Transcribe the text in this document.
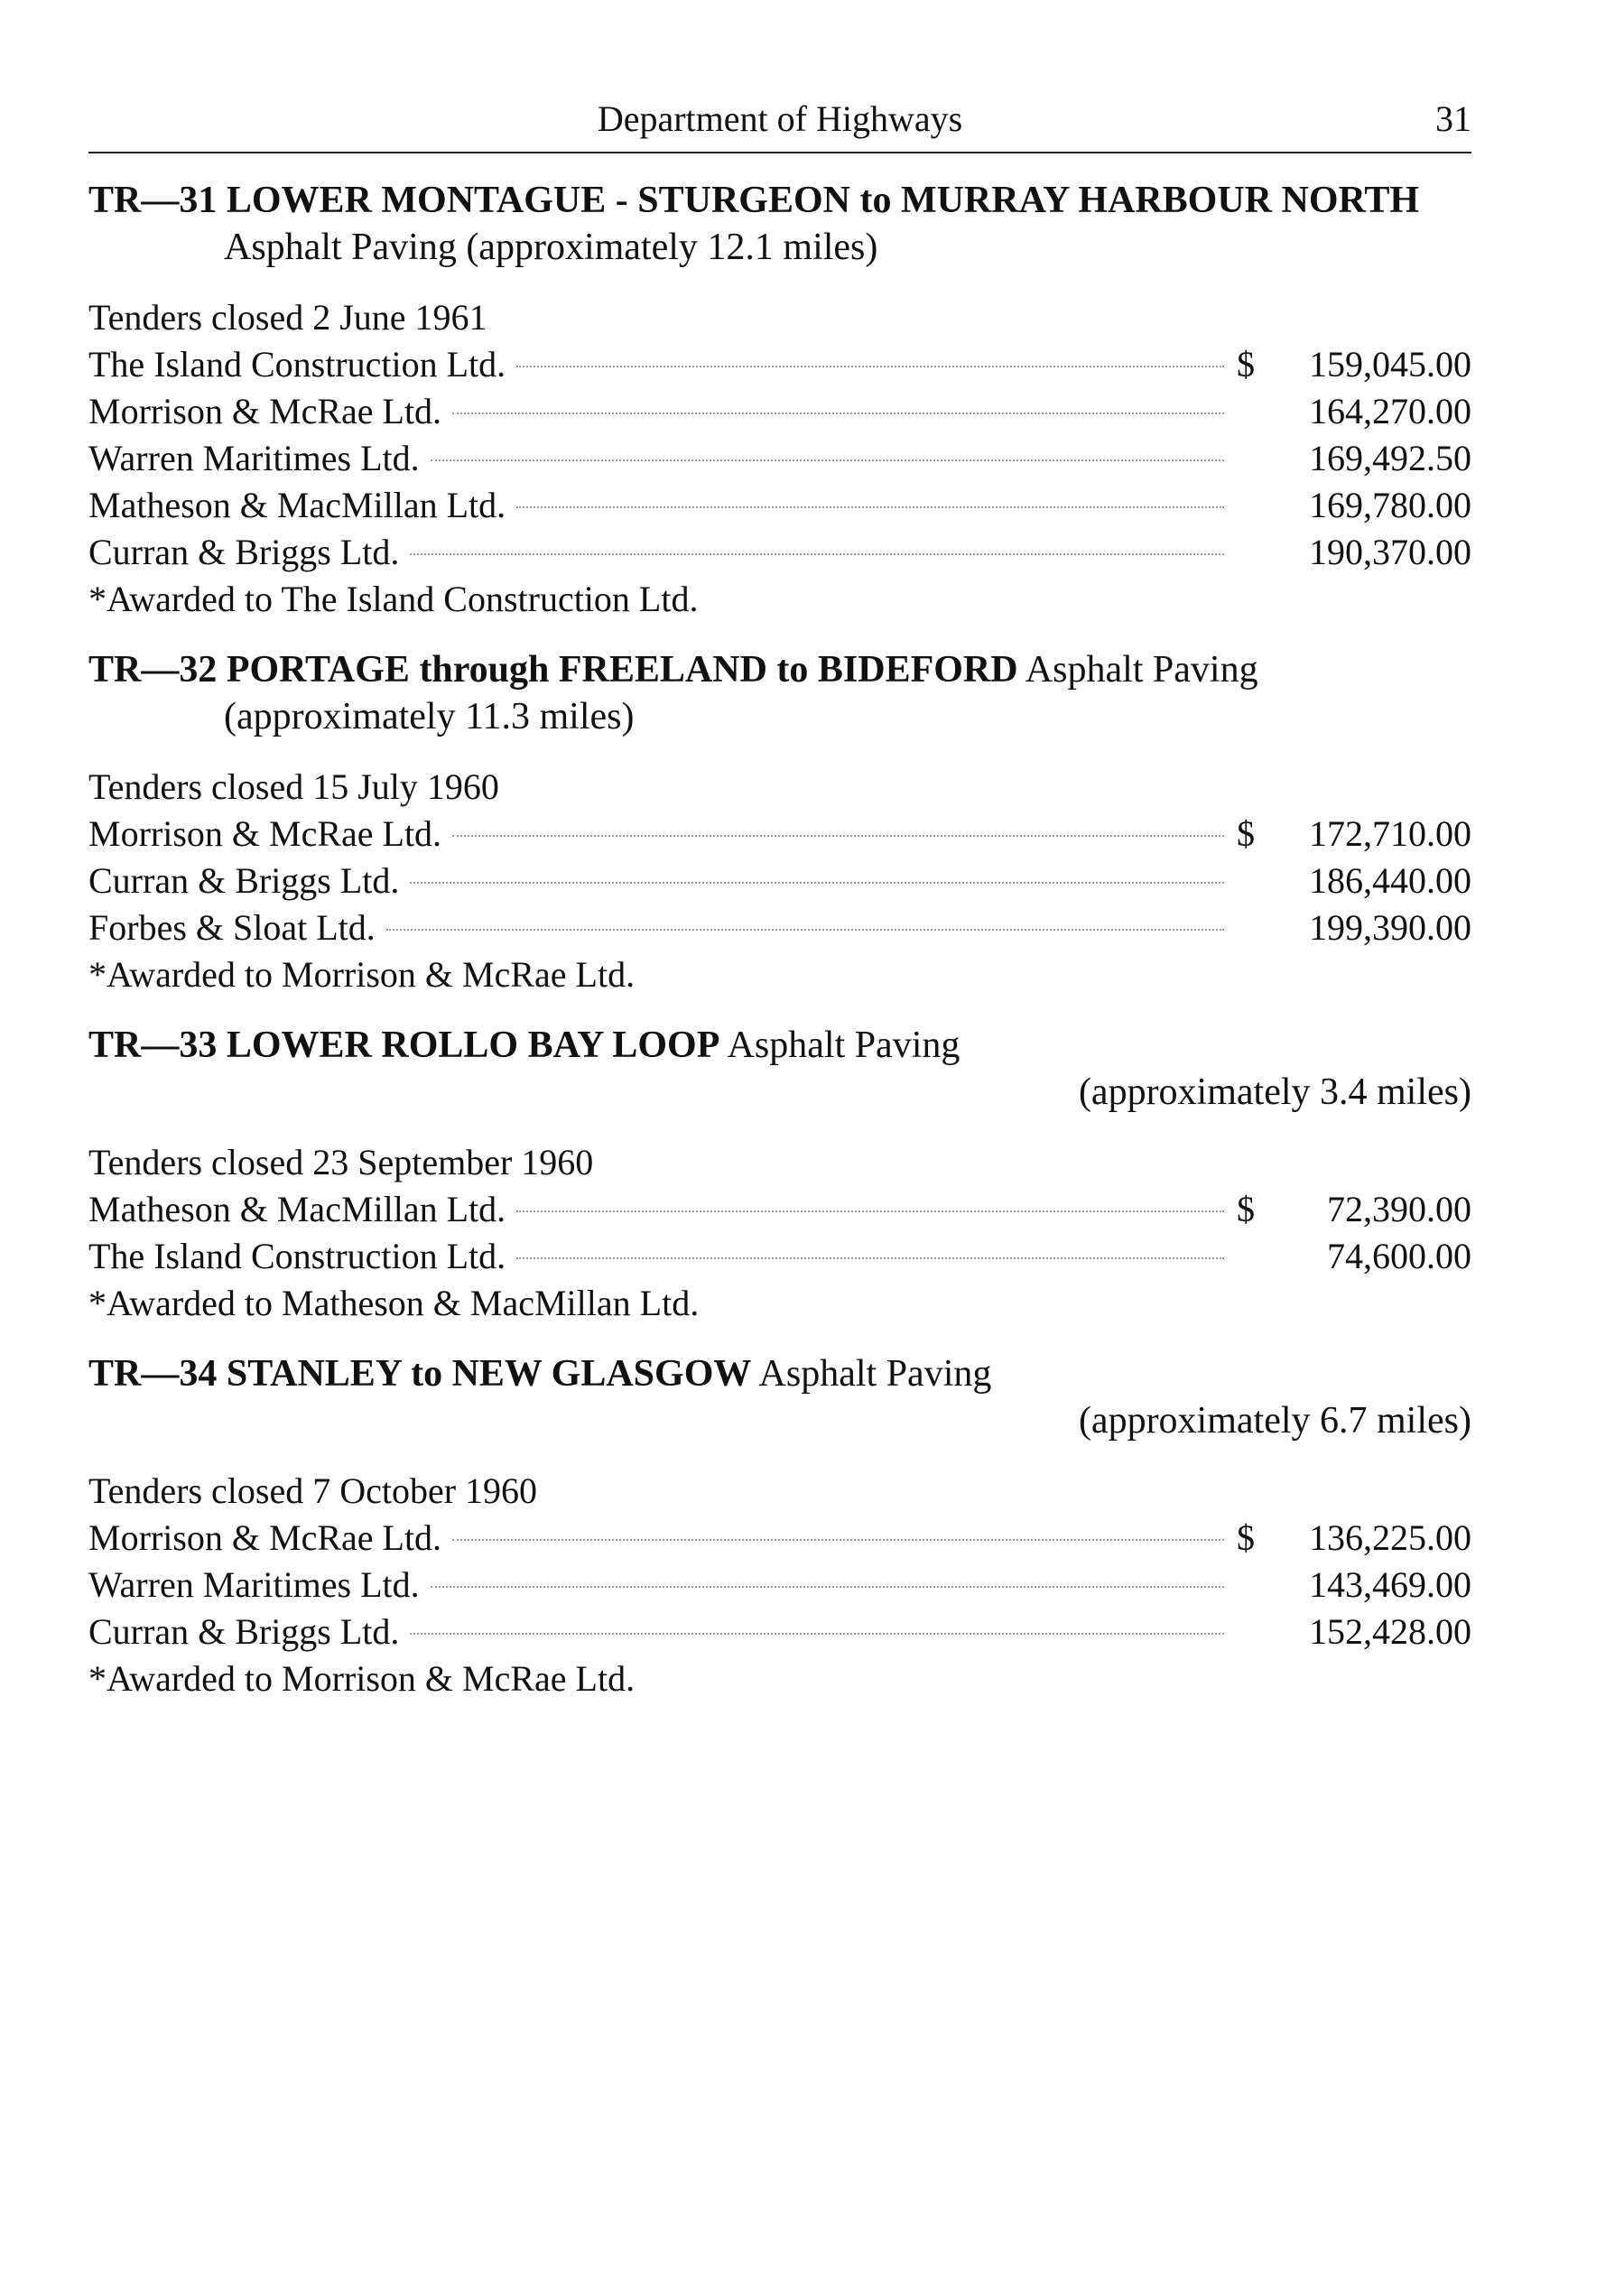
Department of Highways	31
TR—31 LOWER MONTAGUE - STURGEON to MURRAY HARBOUR NORTH Asphalt Paving (approximately 12.1 miles)
Tenders closed 2 June 1961
The Island Construction Ltd.	$	159,045.00
Morrison & McRae Ltd.	164,270.00
Warren Maritimes Ltd.	169,492.50
Matheson & MacMillan Ltd.	169,780.00
Curran & Briggs Ltd.	190,370.00
*Awarded to The Island Construction Ltd.
TR—32 PORTAGE through FREELAND to BIDEFORD Asphalt Paving (approximately 11.3 miles)
Tenders closed 15 July 1960
Morrison & McRae Ltd.	$	172,710.00
Curran & Briggs Ltd.	186,440.00
Forbes & Sloat Ltd.	199,390.00
*Awarded to Morrison & McRae Ltd.
TR—33 LOWER ROLLO BAY LOOP Asphalt Paving
(approximately 3.4 miles)
Tenders closed 23 September 1960
Matheson & MacMillan Ltd.	$	72,390.00
The Island Construction Ltd.	74,600.00
*Awarded to Matheson & MacMillan Ltd.
TR—34 STANLEY to NEW GLASGOW Asphalt Paving
(approximately 6.7 miles)
Tenders closed 7 October 1960
Morrison & McRae Ltd.	$	136,225.00
Warren Maritimes Ltd.	143,469.00
Curran & Briggs Ltd.	152,428.00
*Awarded to Morrison & McRae Ltd.
